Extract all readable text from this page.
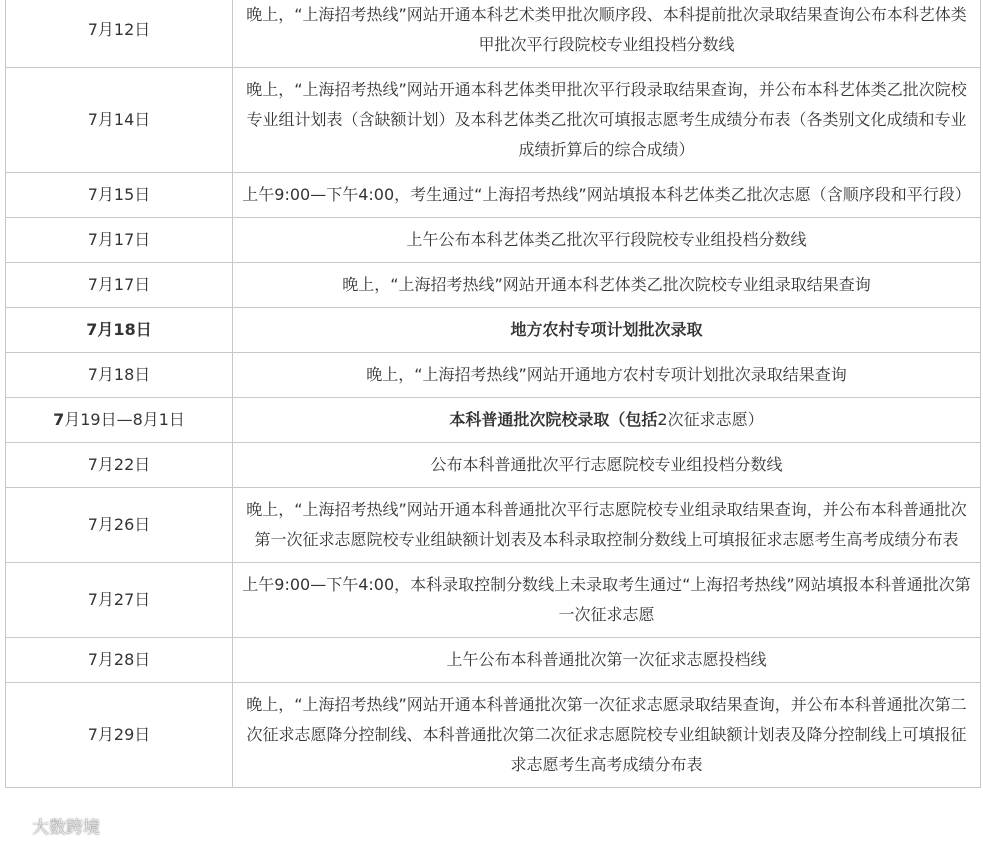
7月12日	晚上，“上海招考热线”网站开通本科艺术类甲批次顺序段、本科提前批次录取结果查询公布本科艺体类甲批次平行段院校专业组投档分数线
7月14日	晚上，“上海招考热线”网站开通本科艺体类甲批次平行段录取结果查询，并公布本科艺体类乙批次院校专业组计划表（含缺额计划）及本科艺体类乙批次可填报志愿考生成绩分布表（各类别文化成绩和专业成绩折算后的综合成绩）
7月15日	上午9:00—下午4:00，考生通过“上海招考热线”网站填报本科艺体类乙批次志愿（含顺序段和平行段）
7月17日	上午公布本科艺体类乙批次平行段院校专业组投档分数线
7月17日	晚上，“上海招考热线”网站开通本科艺体类乙批次院校专业组录取结果查询
7月18日	地方农村专项计划批次录取
7月18日	晚上，“上海招考热线”网站开通地方农村专项计划批次录取结果查询
7月19日—8月1日	本科普通批次院校录取（包括2次征求志愿）
7月22日	公布本科普通批次平行志愿院校专业组投档分数线
7月26日	晚上，“上海招考热线”网站开通本科普通批次平行志愿院校专业组录取结果查询，并公布本科普通批次第一次征求志愿院校专业组缺额计划表及本科录取控制分数线上可填报征求志愿考生高考成绩分布表
7月27日	上午9:00—下午4:00，本科录取控制分数线上未录取考生通过“上海招考热线”网站填报本科普通批次第一次征求志愿
7月28日	上午公布本科普通批次第一次征求志愿投档线
7月29日	晚上，“上海招考热线”网站开通本科普通批次第一次征求志愿录取结果查询，并公布本科普通批次第二次征求志愿降分控制线、本科普通批次第二次征求志愿院校专业组缺额计划表及降分控制线上可填报征求志愿考生高考成绩分布表
大数跨境
